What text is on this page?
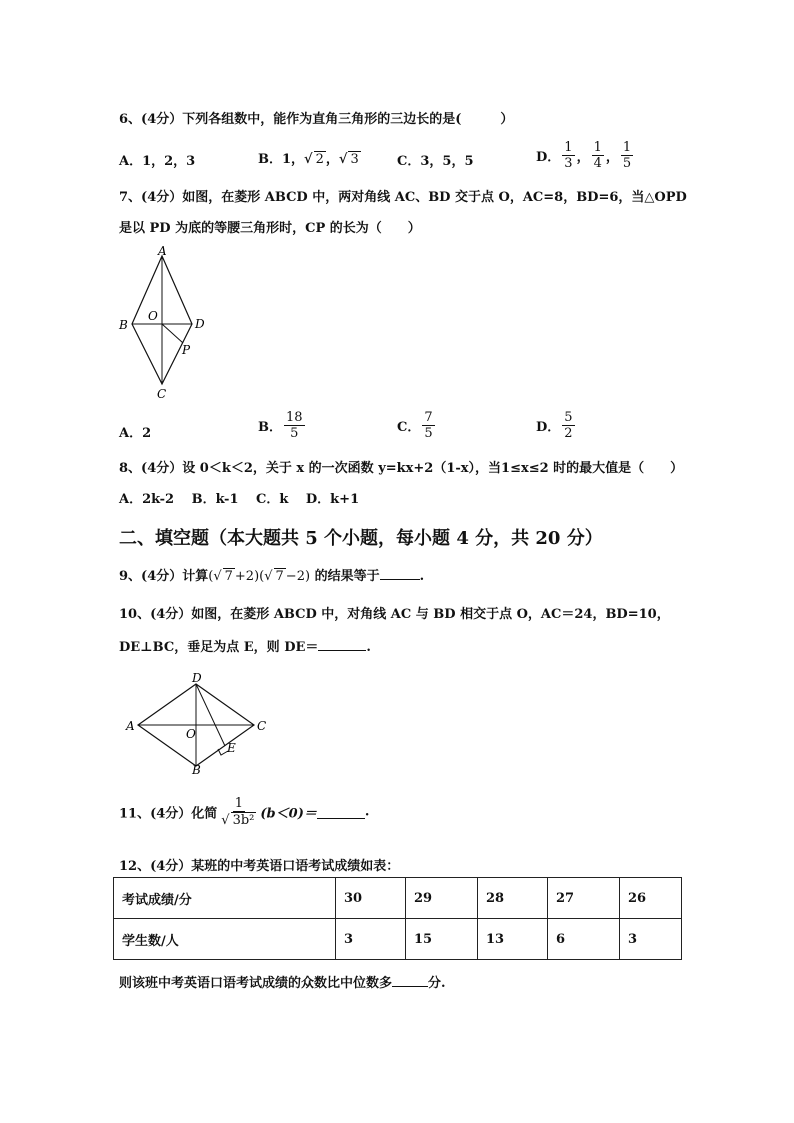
6、(4分）下列各组数中，能作为直角三角形的三边长的是(　　　）
A．1，2，3	B．1，√ 2 ，√ 3	C．3，5，5	D． $\frac{1}{3}$ ， $\frac{1}{4}$ ， $\frac{1}{5}$
7、(4分）如图，在菱形 ABCD 中，两对角线 AC、BD 交于点 O，AC=8，BD=6，当△OPD
是以 PD 为底的等腰三角形时，CP 的长为（　　）
A
B
O
D
P
C
A．2	B． $\frac{18}{5}$	C． $\frac{7}{5}$	D． $\frac{5}{2}$
8、(4分）设 0＜k＜2，关于 x 的一次函数 y=kx+2（1-x），当1≤x≤2 时的最大值是（　　）
A．2k-2　 B．k-1　 C．k　 D．k+1
二、填空题（本大题共 5 个小题，每小题 4 分，共 20 分）
9、(4分）计算(√ 7 +2)(√ 7 −2) 的结果等于	.
10、(4分）如图，在菱形 ABCD 中，对角线 AC 与 BD 相交于点 O，AC＝24，BD=10，
DE⊥BC，垂足为点 E，则 DE＝	.
D
A
O
C
E
B
11、(4分）化简 $\frac{1}{\text{√ 3b²}} (b<0)=$	.
12、(4分）某班的中考英语口语考试成绩如表：
考试成绩/分	30	29	28	27	26
学生数/人	3	15	13	6	3
则该班中考英语口语考试成绩的众数比中位数多	分.
